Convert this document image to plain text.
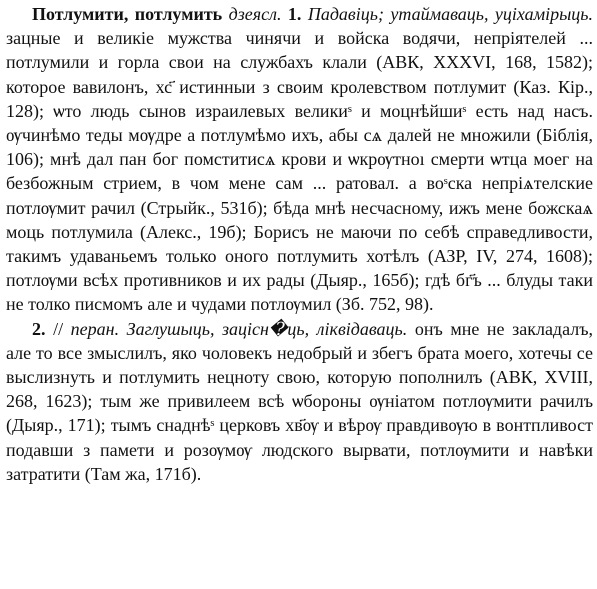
Потлумити, потлумить дзеясл. 1. Падавіць; утаймаваць, уціхамірыць. зацные и великіе мужства чинячи и войска водячи, непріятелей ... потлумили и горла свои на службахъ клали (АВК, XXXVI, 168, 1582); которое вавилонъ, хс҃ истинныи з своим кролевством потлумит (Каз. Кір., 128); ѡто людь сынов израилевых великиˢ и моцнѣйшиˢ есть над насъ. ѹчинѣмо теды мѹдре а потлумѣмо ихъ, абы сѧ далей не множили (Біблія, 106); мнѣ дал пан бог помститисѧ крови и ѡкрѹтноı смерти ѡтца моег на безбожным стрием, в чом мене сам ... ратовал. а воˢска непріѧтелские потлѹмит рачил (Стрыйк., 531б); бѣда мнѣ несчасному, ижъ мене божскаѧ моць потлумила (Алекс., 19б); Борисъ не маючи по себѣ справедливости, такимъ удаваньемъ только оного потлумить хотѣлъ (АЗР, IV, 274, 1608); потлѹми всѣх противников и их рады (Дыяр., 165б); гдѣ бг҃ъ ... блуды таки не толко писмомъ але и чудами потлѹмил (Зб. 752, 98).

2. // перан. Заглушыць, зацісн�ць, ліквідаваць. онъ мне не закладалъ, але то все змыслилъ, яко чоловекъ недобрый и збегъ брата моего, хотечы се выслизнуть и потлумить нецноту свою, которую пополнилъ (АВК, XVIII, 268, 1623); тым же привилеем всѣ ѡбороны ѹніатом потлѹмити рачилъ (Дыяр., 171); тымъ снаднѣˢ церковъ хв҃ѹ и вѣрѹ правдивѹю в вонтпливост подавши з памети и розѹмѹ людского вырвати, потлѹмити и навѣки затратити (Там жа, 171б).
